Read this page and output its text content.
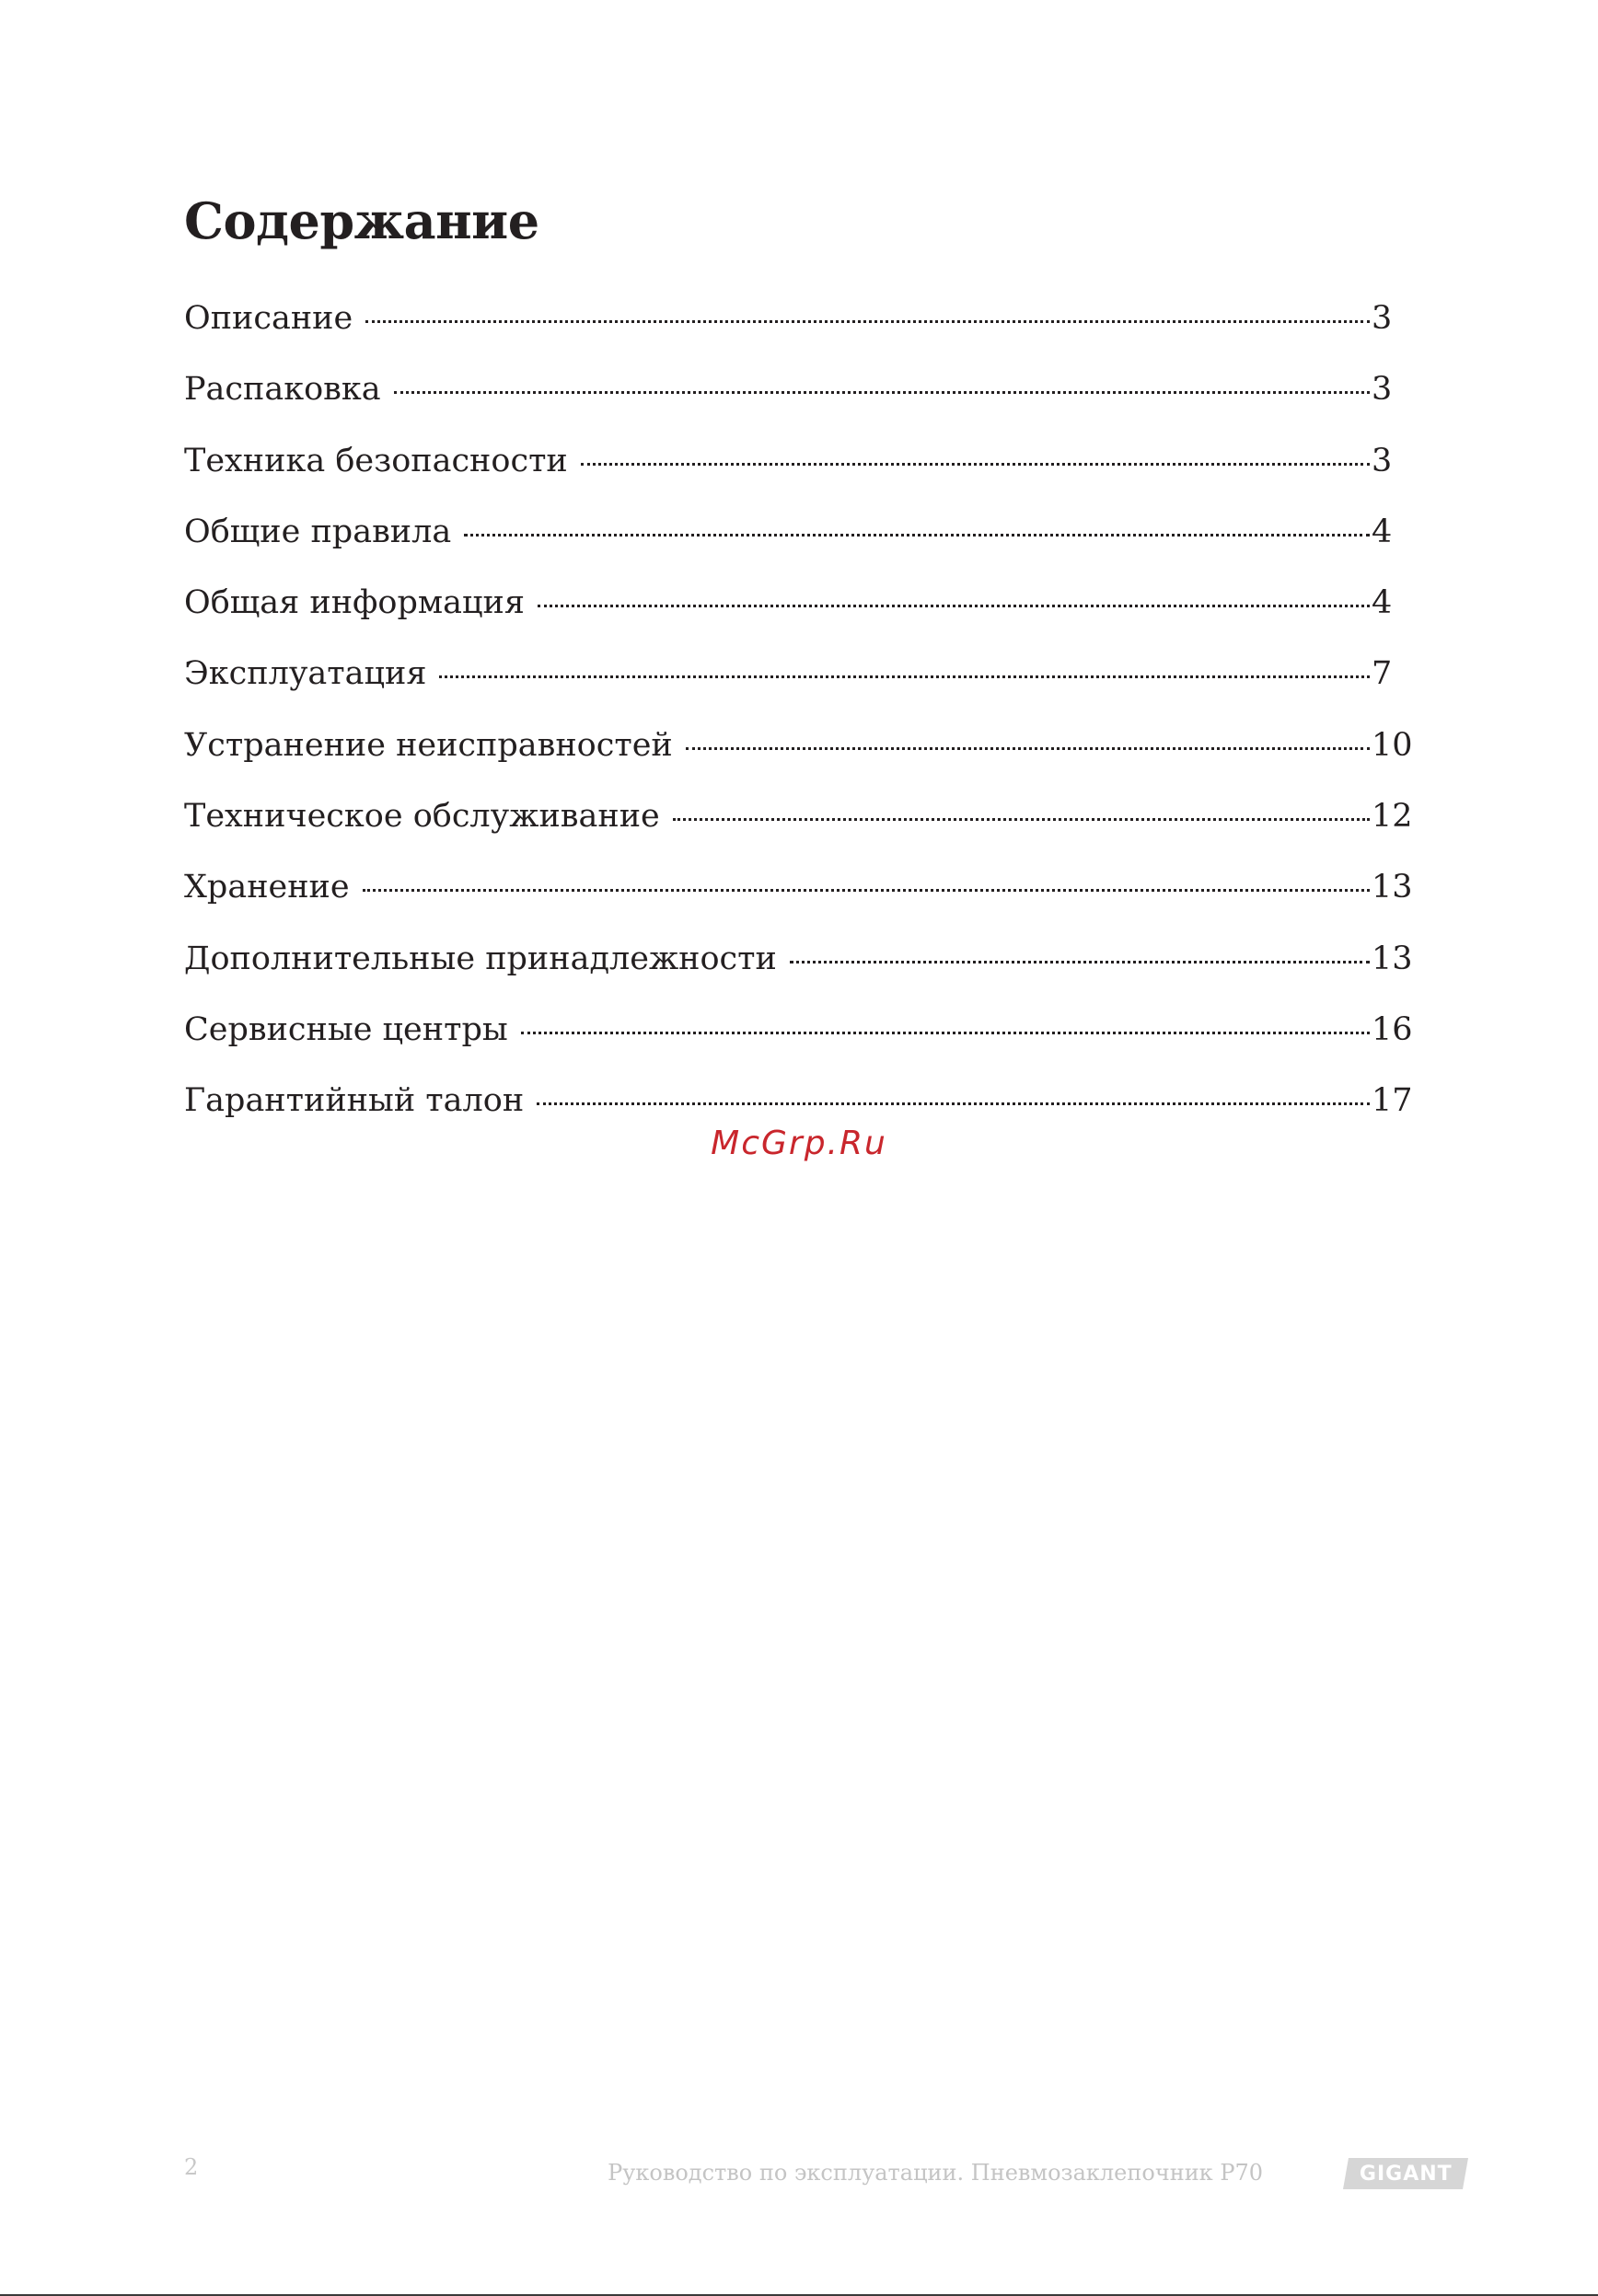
Содержание
Описание	3
Распаковка	3
Техника безопасности	3
Общие правила	4
Общая информация	4
Эксплуатация	7
Устранение неисправностей	10
Техническое обслуживание	12
Хранение	13
Дополнительные принадлежности	13
Сервисные центры	16
Гарантийный талон	17
McGrp.Ru
2	Руководство по эксплуатации. Пневмозаклепочник P70	GIGANT
